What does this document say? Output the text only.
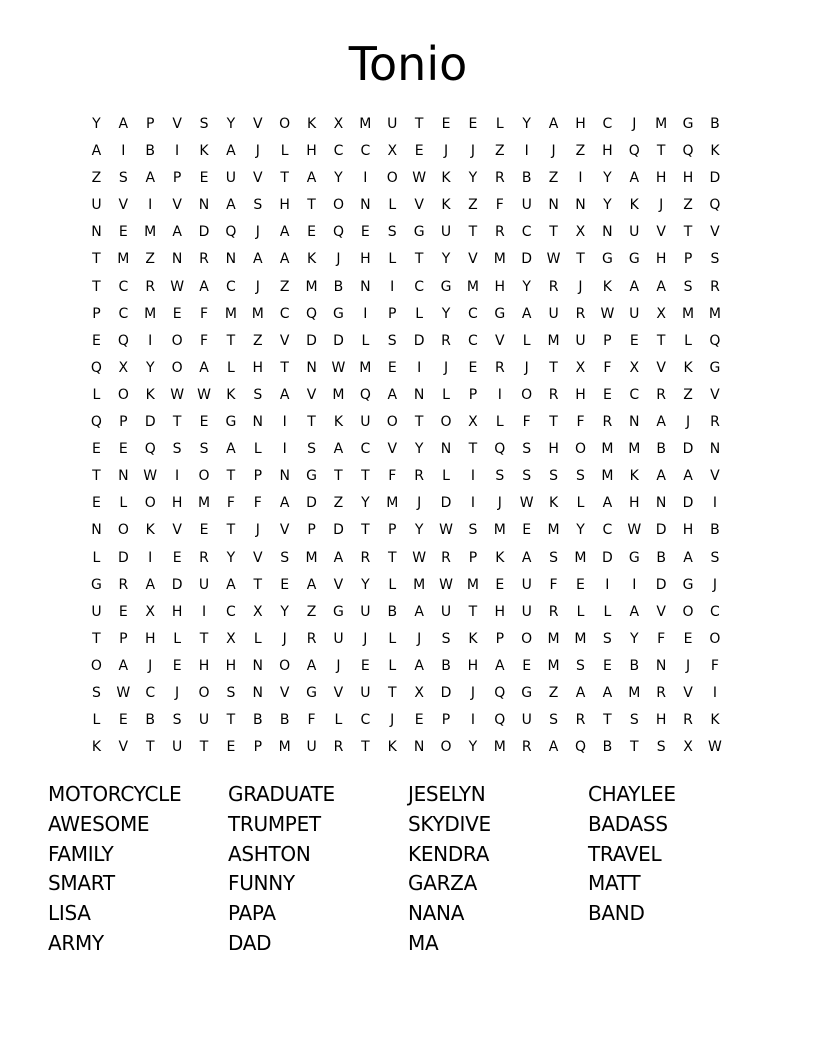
Tonio
Y	A	P	V	S	Y	V	O	K	X	M	U	T	E	E	L	Y	A	H	C	J	M	G	B
A	I	B	I	K	A	J	L	H	C	C	X	E	J	J	Z	I	J	Z	H	Q	T	Q	K
Z	S	A	P	E	U	V	T	A	Y	I	O	W	K	Y	R	B	Z	I	Y	A	H	H	D
U	V	I	V	N	A	S	H	T	O	N	L	V	K	Z	F	U	N	N	Y	K	J	Z	Q
N	E	M	A	D	Q	J	A	E	Q	E	S	G	U	T	R	C	T	X	N	U	V	T	V
T	M	Z	N	R	N	A	A	K	J	H	L	T	Y	V	M	D	W	T	G	G	H	P	S
T	C	R	W	A	C	J	Z	M	B	N	I	C	G	M	H	Y	R	J	K	A	A	S	R
P	C	M	E	F	M	M	C	Q	G	I	P	L	Y	C	G	A	U	R	W	U	X	M	M
E	Q	I	O	F	T	Z	V	D	D	L	S	D	R	C	V	L	M	U	P	E	T	L	Q
Q	X	Y	O	A	L	H	T	N	W M	E	I	J	E	R	J	T	X	F	X	V	K	G
L	O	K	W W	K	S	A	V	M	Q	A	N	L	P	I	O	R	H	E	C	R	Z	V
Q	P	D	T	E	G	N	I	T	K	U	O	T	O	X	L	F	T	F	R	N	A	J	R
E	E	Q	S	S	A	L	I	S	A	C	V	Y	N	T	Q	S	H	O	M	M	B	D	N
T	N	W	I	O	T	P	N	G	T	T	F	R	L	I	S	S	S	S	M	K	A	A	V
E	L	O	H	M	F	F	A	D	Z	Y	M	J	D	I	J	W	K	L	A	H	N	D	I
N	O	K	V	E	T	J	V	P	D	T	P	Y	W	S	M	E	M	Y	C	W	D	H	B
L	D	I	E	R	Y	V	S	M	A	R	T	W	R	P	K	A	S	M	D	G	B	A	S
G	R	A	D	U	A	T	E	A	V	Y	L	M W M	E	U	F	E	I	I	D	G	J
U	E	X	H	I	C	X	Y	Z	G	U	B	A	U	T	H	U	R	L	L	A	V	O	C
T	P	H	L	T	X	L	J	R	U	J	L	J	S	K	P	O	M	M	S	Y	F	E	O
O	A	J	E	H	H	N	O	A	J	E	L	A	B	H	A	E	M	S	E	B	N	J	F
S	W	C	J	O	S	N	V	G	V	U	T	X	D	J	Q	G	Z	A	A	M	R	V	I
L	E	B	S	U	T	B	B	F	L	C	J	E	P	I	Q	U	S	R	T	S	H	R	K
K	V	T	U	T	E	P	M	U	R	T	K	N	O	Y	M	R	A	Q	B	T	S	X	W
MOTORCYCLE
AWESOME
FAMILY
SMART
LISA
ARMY
GRADUATE
TRUMPET
ASHTON
FUNNY
PAPA
DAD
JESELYN
SKYDIVE
KENDRA
GARZA
NANA
MA
CHAYLEE
BADASS
TRAVEL
MATT
BAND
